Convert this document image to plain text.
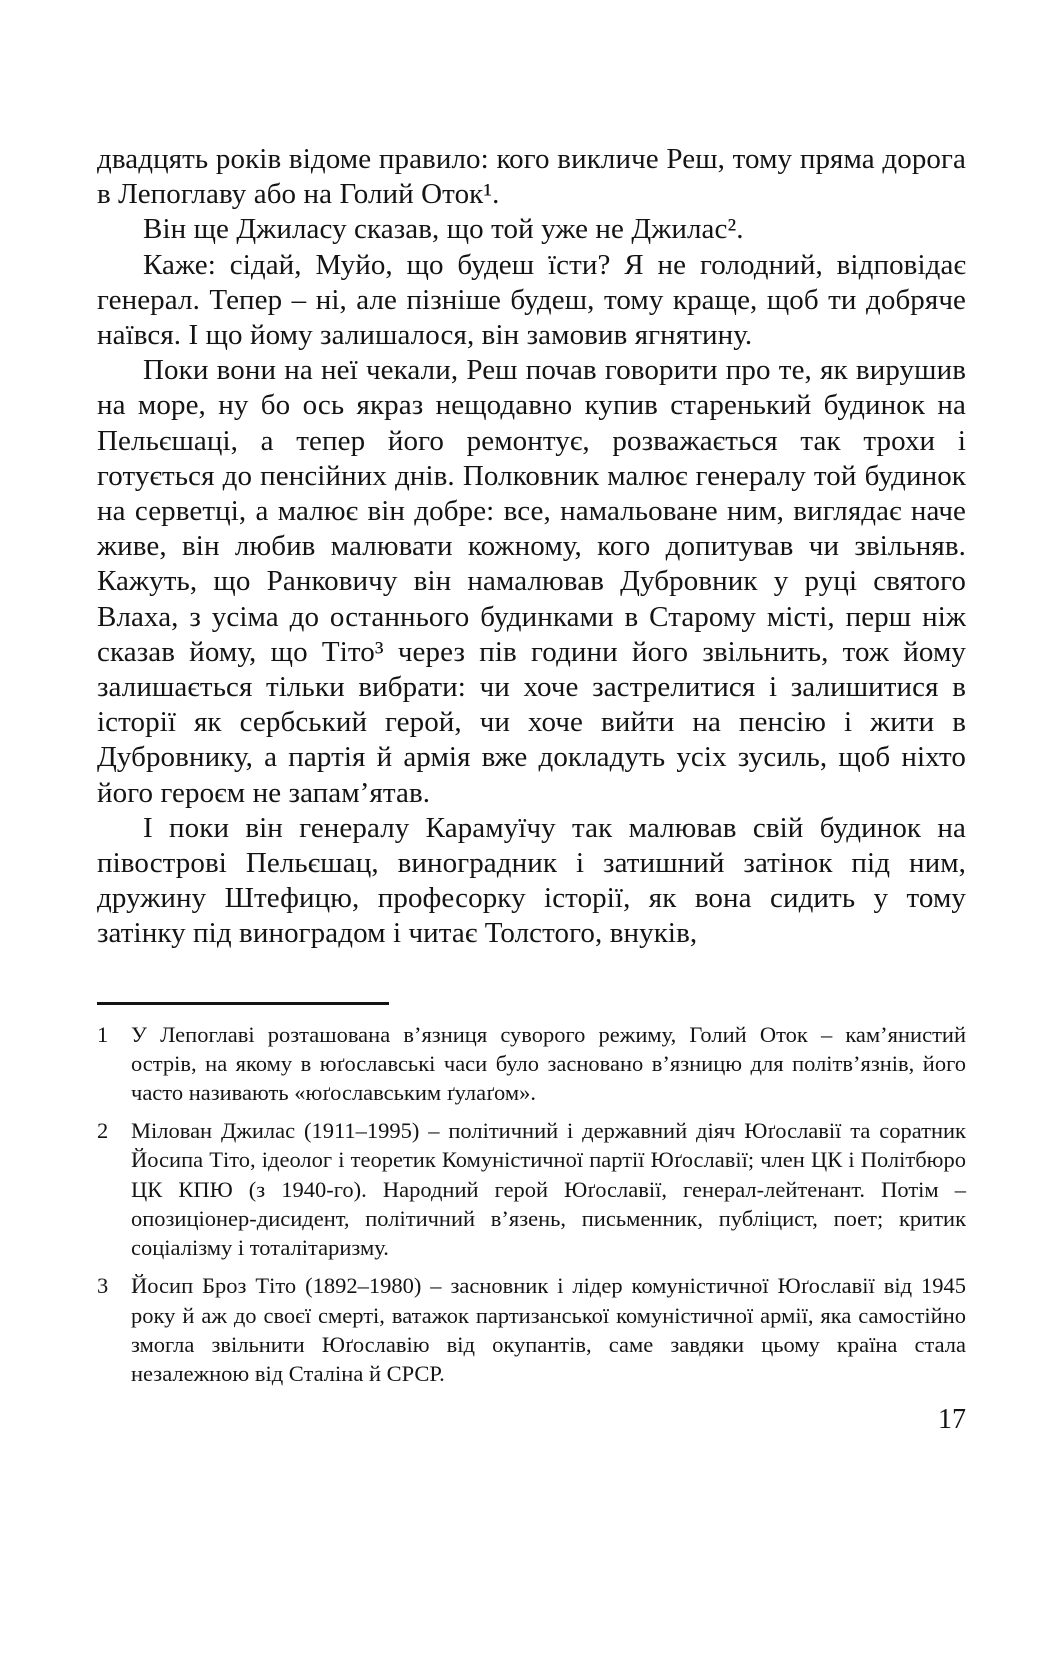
двадцять років відоме правило: кого викличе Реш, тому пряма дорога в Лепоглаву або на Голий Оток¹.

Він ще Джиласу сказав, що той уже не Джилас².

Каже: сідай, Муйо, що будеш їсти? Я не голодний, відповідає генерал. Тепер – ні, але пізніше будеш, тому краще, щоб ти добряче наївся. І що йому залишалося, він замовив ягнятину.

Поки вони на неї чекали, Реш почав говорити про те, як вирушив на море, ну бо ось якраз нещодавно купив старенький будинок на Пельєшаці, а тепер його ремонтує, розважається так трохи і готується до пенсійних днів. Полковник малює генералу той будинок на серветці, а малює він добре: все, намальоване ним, виглядає наче живе, він любив малювати кожному, кого допитував чи звільняв. Кажуть, що Ранковичу він намалював Дубровник у руці святого Влаха, з усіма до останнього будинками в Старому місті, перш ніж сказав йому, що Тіто³ через пів години його звільнить, тож йому залишається тільки вибрати: чи хоче застрелитися і залишитися в історії як сербський герой, чи хоче вийти на пенсію і жити в Дубровнику, а партія й армія вже докладуть усіх зусиль, щоб ніхто його героєм не запам’ятав.

І поки він генералу Карамуїчу так малював свій будинок на півострові Пельєшац, виноградник і затишний затінок під ним, дружину Штефицю, професорку історії, як вона сидить у тому затінку під виноградом і читає Толстого, внуків,

1 У Лепоглаві розташована в’язниця суворого режиму, Голий Оток – кам’янистий острів, на якому в юґославські часи було засновано в’язницю для політв’язнів, його часто називають «юґославським ґулаґом».

2 Мілован Джилас (1911–1995) – політичний і державний діяч Юґославії та соратник Йосипа Тіто, ідеолог і теоретик Комуністичної партії Юґославії; член ЦК і Політбюро ЦК КПЮ (з 1940-го). Народний герой Юґославії, генерал-лейтенант. Потім – опозиціонер-дисидент, політичний в’язень, письменник, публіцист, поет; критик соціалізму і тоталітаризму.

3 Йосип Броз Тіто (1892–1980) – засновник і лідер комуністичної Юґославії від 1945 року й аж до своєї смерті, ватажок партизанської комуністичної армії, яка самостійно змогла звільнити Юґославію від окупантів, саме завдяки цьому країна стала незалежною від Сталіна й СРСР.

17
